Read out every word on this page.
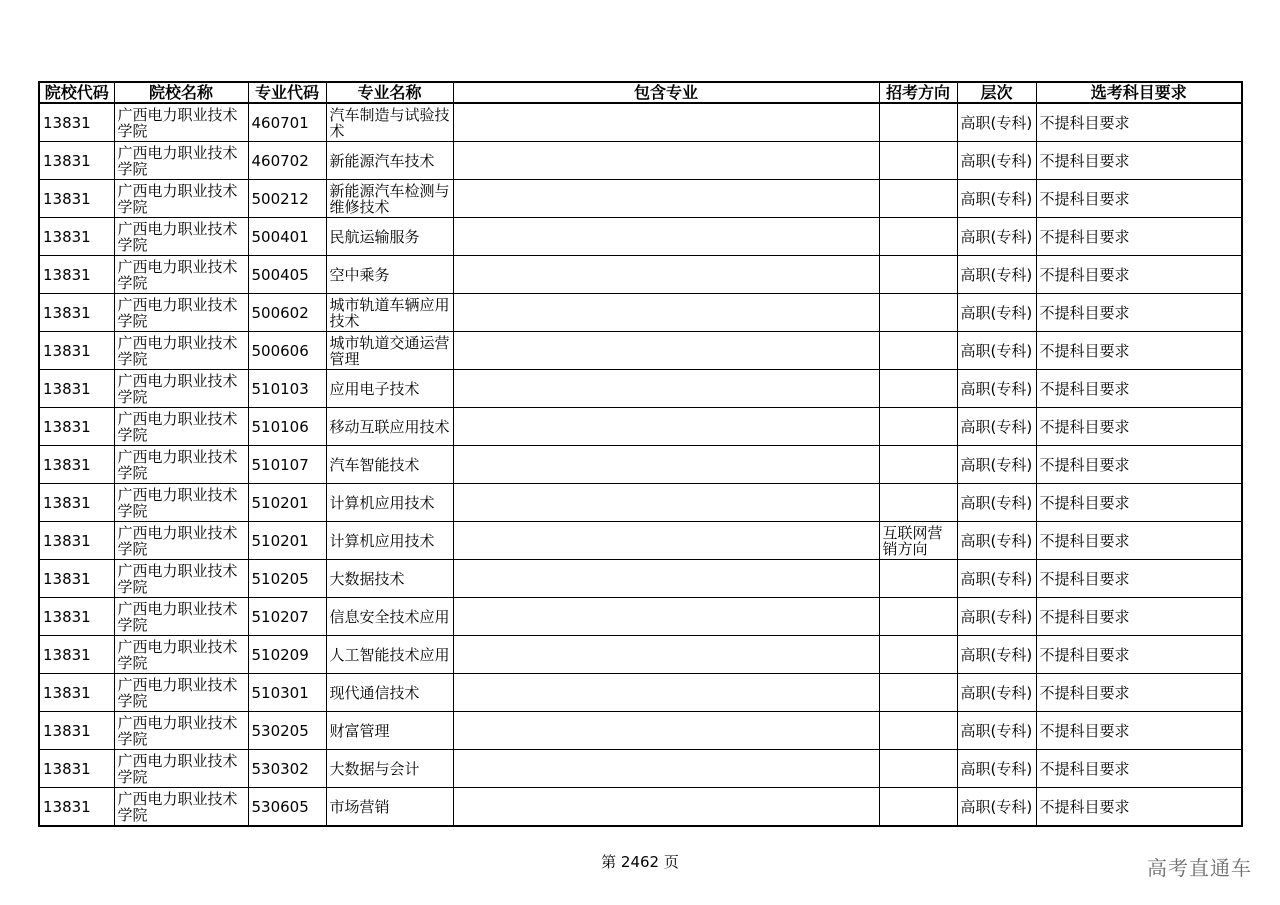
院校代码	院校名称	专业代码	专业名称	包含专业	招考方向	层次	选考科目要求
13831	广西电力职业技术学院	460701	汽车制造与试验技术			高职(专科)	不提科目要求
13831	广西电力职业技术学院	460702	新能源汽车技术			高职(专科)	不提科目要求
13831	广西电力职业技术学院	500212	新能源汽车检测与维修技术			高职(专科)	不提科目要求
13831	广西电力职业技术学院	500401	民航运输服务			高职(专科)	不提科目要求
13831	广西电力职业技术学院	500405	空中乘务			高职(专科)	不提科目要求
13831	广西电力职业技术学院	500602	城市轨道车辆应用技术			高职(专科)	不提科目要求
13831	广西电力职业技术学院	500606	城市轨道交通运营管理			高职(专科)	不提科目要求
13831	广西电力职业技术学院	510103	应用电子技术			高职(专科)	不提科目要求
13831	广西电力职业技术学院	510106	移动互联应用技术			高职(专科)	不提科目要求
13831	广西电力职业技术学院	510107	汽车智能技术			高职(专科)	不提科目要求
13831	广西电力职业技术学院	510201	计算机应用技术			高职(专科)	不提科目要求
13831	广西电力职业技术学院	510201	计算机应用技术		互联网营销方向	高职(专科)	不提科目要求
13831	广西电力职业技术学院	510205	大数据技术			高职(专科)	不提科目要求
13831	广西电力职业技术学院	510207	信息安全技术应用			高职(专科)	不提科目要求
13831	广西电力职业技术学院	510209	人工智能技术应用			高职(专科)	不提科目要求
13831	广西电力职业技术学院	510301	现代通信技术			高职(专科)	不提科目要求
13831	广西电力职业技术学院	530205	财富管理			高职(专科)	不提科目要求
13831	广西电力职业技术学院	530302	大数据与会计			高职(专科)	不提科目要求
13831	广西电力职业技术学院	530605	市场营销			高职(专科)	不提科目要求
第 2462 页	高考直通车
